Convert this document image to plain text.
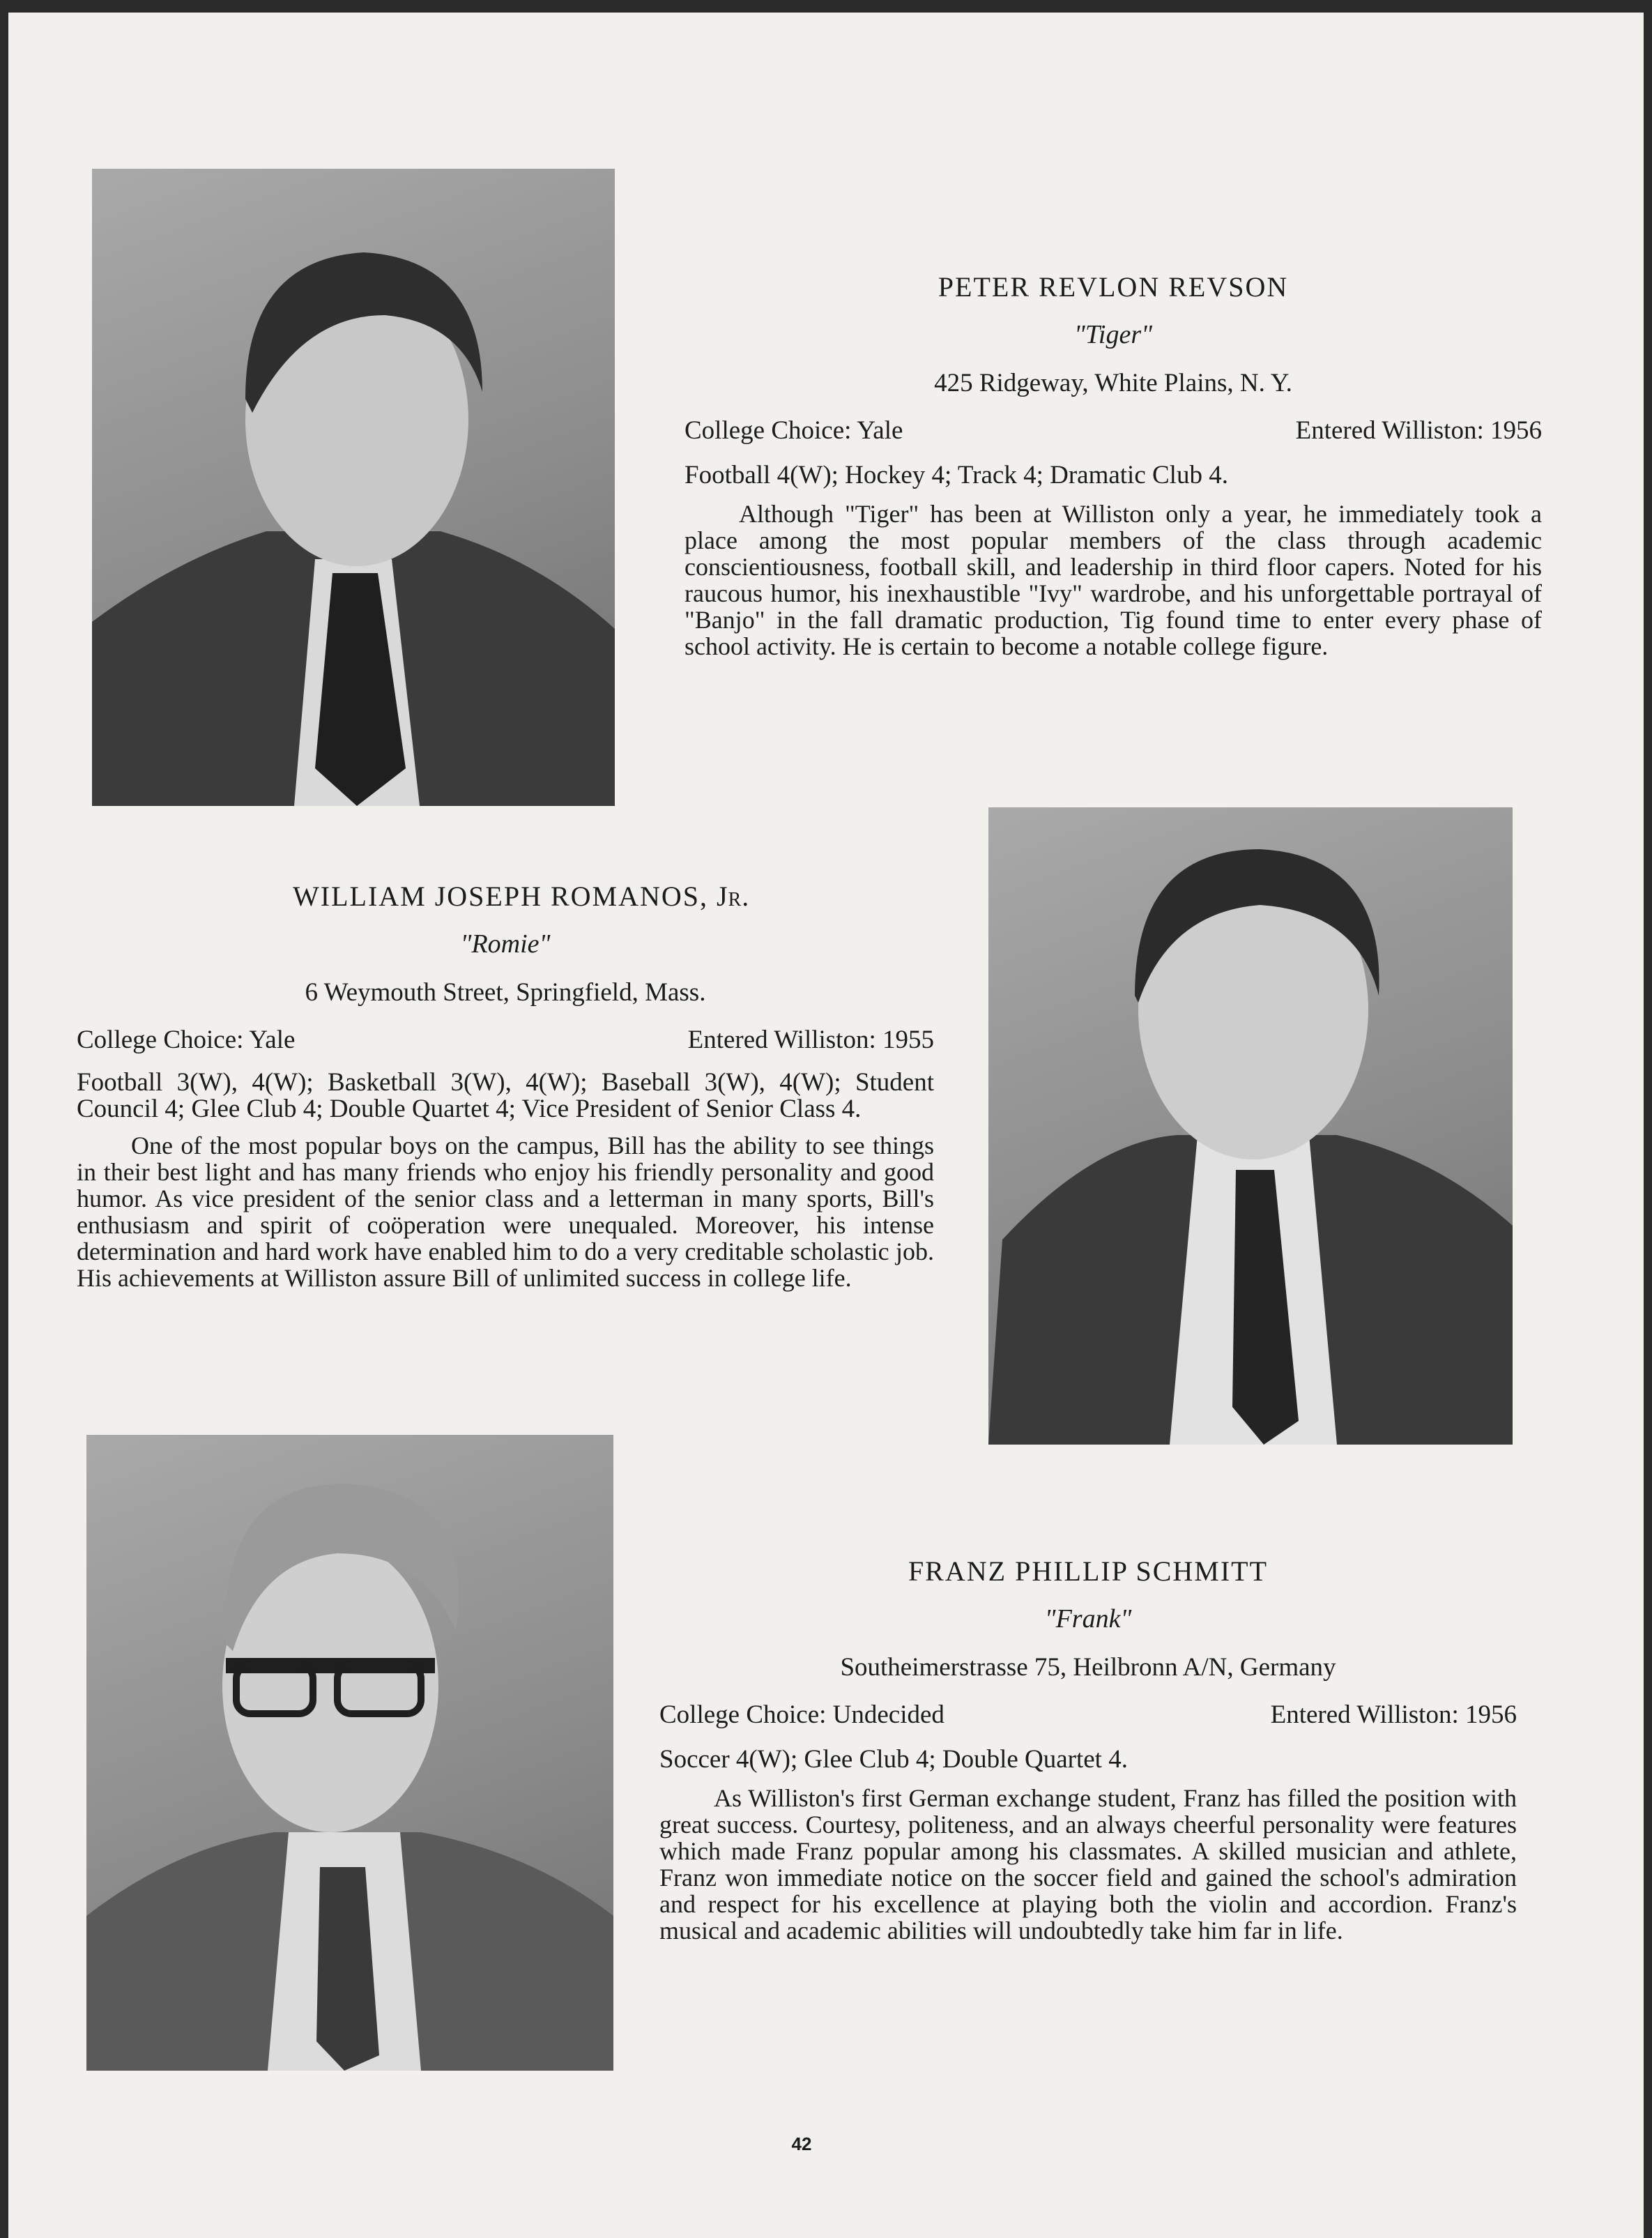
PETER REVLON REVSON
"Tiger"
425 Ridgeway, White Plains, N. Y.
College Choice: Yale	Entered Williston: 1956
Football 4(W); Hockey 4; Track 4; Dramatic Club 4.

Although "Tiger" has been at Williston only a year, he immediately took a place among the most popular members of the class through academic conscientiousness, football skill, and leadership in third floor capers. Noted for his raucous humor, his inexhaustible "Ivy" wardrobe, and his unforgettable portrayal of "Banjo" in the fall dramatic production, Tig found time to enter every phase of school activity. He is certain to become a notable college figure.

WILLIAM JOSEPH ROMANOS, Jr.
"Romie"
6 Weymouth Street, Springfield, Mass.
College Choice: Yale	Entered Williston: 1955
Football 3(W), 4(W); Basketball 3(W), 4(W); Baseball 3(W), 4(W); Student Council 4; Glee Club 4; Double Quartet 4; Vice President of Senior Class 4.

One of the most popular boys on the campus, Bill has the ability to see things in their best light and has many friends who enjoy his friendly personality and good humor. As vice president of the senior class and a letterman in many sports, Bill's enthusiasm and spirit of coöperation were unequaled. Moreover, his intense determination and hard work have enabled him to do a very creditable scholastic job. His achievements at Williston assure Bill of unlimited success in college life.

FRANZ PHILLIP SCHMITT
"Frank"
Southeimerstrasse 75, Heilbronn A/N, Germany
College Choice: Undecided	Entered Williston: 1956
Soccer 4(W); Glee Club 4; Double Quartet 4.

As Williston's first German exchange student, Franz has filled the position with great success. Courtesy, politeness, and an always cheerful personality were features which made Franz popular among his classmates. A skilled musician and athlete, Franz won immediate notice on the soccer field and gained the school's admiration and respect for his excellence at playing both the violin and accordion. Franz's musical and academic abilities will undoubtedly take him far in life.

42
